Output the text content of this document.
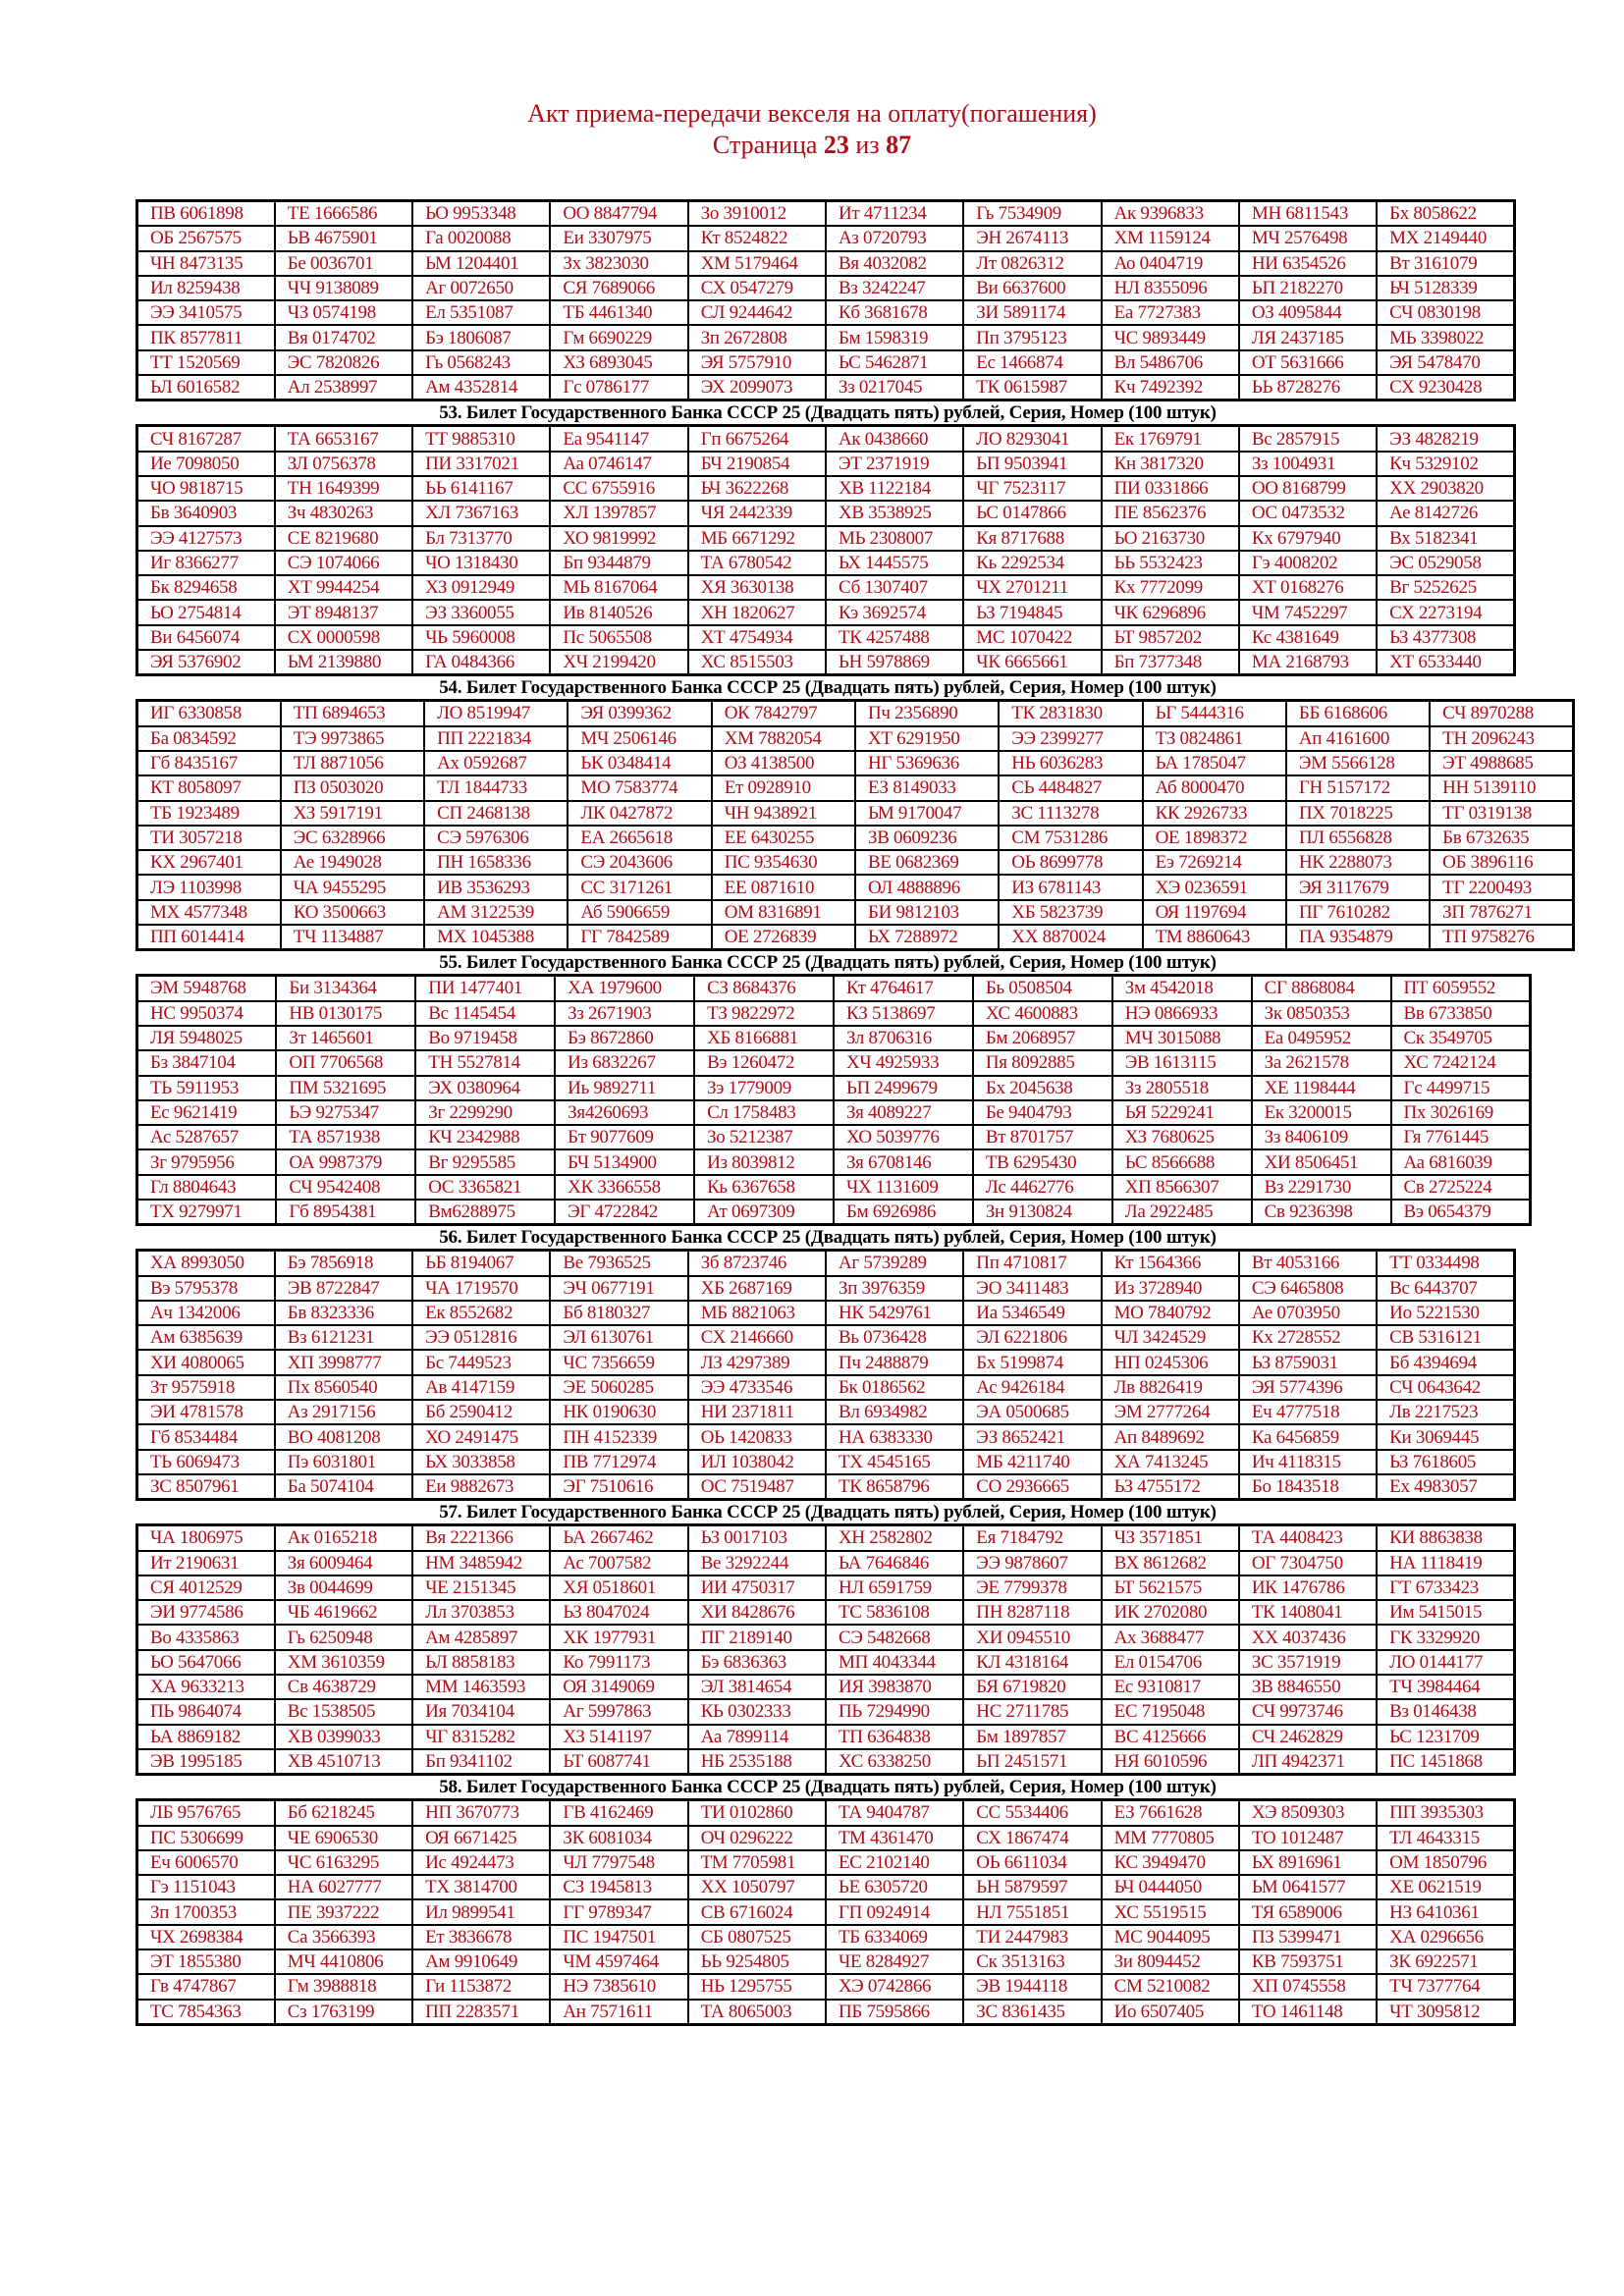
Акт приема-передачи векселя на оплату(погашения)
Страница 23 из 87
ПВ 6061898	ТЕ 1666586	ЬО 9953348	ОО 8847794	Зо 3910012	Ит 4711234	Гь 7534909	Ак 9396833	МН 6811543	Бх 8058622
ОБ 2567575	ЬВ 4675901	Га 0020088	Еи 3307975	Кт 8524822	Аз 0720793	ЭН 2674113	ХМ 1159124	МЧ 2576498	МХ 2149440
ЧН 8473135	Бе 0036701	ЬМ 1204401	Зх 3823030	ХМ 5179464	Вя 4032082	Лт 0826312	Ао 0404719	НИ 6354526	Вт 3161079
Ил 8259438	ЧЧ 9138089	Аг 0072650	СЯ 7689066	СХ 0547279	Вз 3242247	Ви 6637600	НЛ 8355096	ЬП 2182270	ЬЧ 5128339
ЭЭ 3410575	ЧЗ 0574198	Ел 5351087	ТБ 4461340	СЛ 9244642	Кб 3681678	ЗИ 5891174	Еа 7727383	ОЗ 4095844	СЧ 0830198
ПК 8577811	Вя 0174702	Бэ 1806087	Гм 6690229	Зп 2672808	Бм 1598319	Пп 3795123	ЧС 9893449	ЛЯ 2437185	МЬ 3398022
ТТ 1520569	ЭС 7820826	Гь 0568243	ХЗ 6893045	ЭЯ 5757910	ЬС 5462871	Ес 1466874	Вл 5486706	ОТ 5631666	ЭЯ 5478470
ЬЛ 6016582	Ал 2538997	Ам 4352814	Гс 0786177	ЭХ 2099073	Зз 0217045	ТК 0615987	Кч 7492392	ЬЬ 8728276	СХ 9230428
53. Билет Государственного Банка СССР 25 (Двадцать пять) рублей, Серия, Номер (100 штук)
СЧ 8167287	ТА 6653167	ТТ 9885310	Еа 9541147	Гп 6675264	Ак 0438660	ЛО 8293041	Ек 1769791	Вс 2857915	ЭЗ 4828219
Ие 7098050	ЗЛ 0756378	ПИ 3317021	Аа 0746147	БЧ 2190854	ЭТ 2371919	ЬП 9503941	Кн 3817320	Зз 1004931	Кч 5329102
ЧО 9818715	ТН 1649399	ЬЬ 6141167	СС 6755916	ЬЧ 3622268	ХВ 1122184	ЧГ 7523117	ПИ 0331866	ОО 8168799	ХХ 2903820
Бв 3640903	Зч 4830263	ХЛ 7367163	ХЛ 1397857	ЧЯ 2442339	ХВ 3538925	ЬС 0147866	ПЕ 8562376	ОС 0473532	Ае 8142726
ЭЭ 4127573	СЕ 8219680	Бл 7313770	ХО 9819992	МБ 6671292	МЬ 2308007	Кя 8717688	ЬО 2163730	Кх 6797940	Вх 5182341
Иг 8366277	СЭ 1074066	ЧО 1318430	Бп 9344879	ТА 6780542	ЬХ 1445575	Кь 2292534	ЬЬ 5532423	Гэ 4008202	ЭС 0529058
Бк 8294658	ХТ 9944254	ХЗ 0912949	МЬ 8167064	ХЯ 3630138	Сб 1307407	ЧХ 2701211	Кх 7772099	ХТ 0168276	Вг 5252625
ЬО 2754814	ЭТ 8948137	ЭЗ 3360055	Ив 8140526	ХН 1820627	Кэ 3692574	ЬЗ 7194845	ЧК 6296896	ЧМ 7452297	СХ 2273194
Ви 6456074	СХ 0000598	ЧЬ 5960008	Пс 5065508	ХТ 4754934	ТК 4257488	МС 1070422	ЬТ 9857202	Кс 4381649	ЬЗ 4377308
ЭЯ 5376902	ЬМ 2139880	ГА 0484366	ХЧ 2199420	ХС 8515503	ЬН 5978869	ЧК 6665661	Бп 7377348	МА 2168793	ХТ 6533440
54. Билет Государственного Банка СССР 25 (Двадцать пять) рублей, Серия, Номер (100 штук)
ИГ 6330858	ТП 6894653	ЛО 8519947	ЭЯ 0399362	ОК 7842797	Пч 2356890	ТК 2831830	ЬГ 5444316	ББ 6168606	СЧ 8970288
Ба 0834592	ТЭ 9973865	ПП 2221834	МЧ 2506146	ХМ 7882054	ХТ 6291950	ЭЭ 2399277	ТЗ 0824861	Ап 4161600	ТН 2096243
Гб 8435167	ТЛ 8871056	Ах 0592687	ЬК 0348414	ОЗ 4138500	НГ 5369636	НЬ 6036283	ЬА 1785047	ЭМ 5566128	ЭТ 4988685
КТ 8058097	ПЗ 0503020	ТЛ 1844733	МО 7583774	Ет 0928910	ЕЗ 8149033	СЬ 4484827	Аб 8000470	ГН 5157172	НН 5139110
ТБ 1923489	ХЗ 5917191	СП 2468138	ЛК 0427872	ЧН 9438921	ЬМ 9170047	ЗС 1113278	КК 2926733	ПХ 7018225	ТГ 0319138
ТИ 3057218	ЭС 6328966	СЭ 5976306	ЕА 2665618	ЕЕ 6430255	ЗВ 0609236	СМ 7531286	ОЕ 1898372	ПЛ 6556828	Бв 6732635
КХ 2967401	Ае 1949028	ПН 1658336	СЭ 2043606	ПС 9354630	ВЕ 0682369	ОЬ 8699778	Еэ 7269214	НК 2288073	ОБ 3896116
ЛЭ 1103998	ЧА 9455295	ИВ 3536293	СС 3171261	ЕЕ 0871610	ОЛ 4888896	ИЗ 6781143	ХЭ 0236591	ЭЯ 3117679	ТГ 2200493
МХ 4577348	КО 3500663	АМ 3122539	Аб 5906659	ОМ 8316891	БИ 9812103	ХБ 5823739	ОЯ 1197694	ПГ 7610282	ЗП 7876271
ПП 6014414	ТЧ 1134887	МХ 1045388	ГГ 7842589	ОЕ 2726839	ЬХ 7288972	ХХ 8870024	ТМ 8860643	ПА 9354879	ТП 9758276
55. Билет Государственного Банка СССР 25 (Двадцать пять) рублей, Серия, Номер (100 штук)
ЭМ 5948768	Би 3134364	ПИ 1477401	ХА 1979600	СЗ 8684376	Кт 4764617	Бь 0508504	Зм 4542018	СГ 8868084	ПТ 6059552
НС 9950374	НВ 0130175	Вс 1145454	Зз 2671903	ТЗ 9822972	КЗ 5138697	ХС 4600883	НЭ 0866933	Зк 0850353	Вв 6733850
ЛЯ 5948025	Зт 1465601	Во 9719458	Бэ 8672860	ХБ 8166881	Зл 8706316	Бм 2068957	МЧ 3015088	Еа 0495952	Ск 3549705
Бз 3847104	ОП 7706568	ТН 5527814	Из 6832267	Вэ 1260472	ХЧ 4925933	Пя 8092885	ЭВ 1613115	За 2621578	ХС 7242124
ТЬ 5911953	ПМ 5321695	ЭХ 0380964	Иь 9892711	Зэ 1779009	ЬП 2499679	Бх 2045638	Зз 2805518	ХЕ 1198444	Гс 4499715
Ес 9621419	ЬЭ 9275347	Зг 2299290	Зя4260693	Сл 1758483	Зя 4089227	Бе 9404793	ЬЯ 5229241	Ек 3200015	Пх 3026169
Ас 5287657	ТА 8571938	КЧ 2342988	Бт 9077609	Зо 5212387	ХО 5039776	Вт 8701757	ХЗ 7680625	Зз 8406109	Гя 7761445
Зг 9795956	ОА 9987379	Вг 9295585	БЧ 5134900	Из 8039812	Зя 6708146	ТВ 6295430	ЬС 8566688	ХИ 8506451	Аа 6816039
Гл 8804643	СЧ 9542408	ОС 3365821	ХК 3366558	Кь 6367658	ЧХ 1131609	Лс 4462776	ХП 8566307	Вз 2291730	Св 2725224
ТХ 9279971	Гб 8954381	Вм6288975	ЭГ 4722842	Ат 0697309	Бм 6926986	Зн 9130824	Ла 2922485	Св 9236398	Вэ 0654379
56. Билет Государственного Банка СССР 25 (Двадцать пять) рублей, Серия, Номер (100 штук)
ХА 8993050	Бэ 7856918	ЬБ 8194067	Ве 7936525	Зб 8723746	Аг 5739289	Пп 4710817	Кт 1564366	Вт 4053166	ТТ 0334498
Вэ 5795378	ЭВ 8722847	ЧА 1719570	ЭЧ 0677191	ХБ 2687169	Зп 3976359	ЭО 3411483	Из 3728940	СЭ 6465808	Вс 6443707
Ач 1342006	Бв 8323336	Ек 8552682	Бб 8180327	МБ 8821063	НК 5429761	Иа 5346549	МО 7840792	Ае 0703950	Ио 5221530
Ам 6385639	Вз 6121231	ЭЭ 0512816	ЭЛ 6130761	СХ 2146660	Вь 0736428	ЭЛ 6221806	ЧЛ 3424529	Кх 2728552	СВ 5316121
ХИ 4080065	ХП 3998777	Бс 7449523	ЧС 7356659	ЛЗ 4297389	Пч 2488879	Бх 5199874	НП 0245306	ЬЗ 8759031	Бб 4394694
Зт 9575918	Пх 8560540	Ав 4147159	ЭЕ 5060285	ЭЭ 4733546	Бк 0186562	Ас 9426184	Лв 8826419	ЭЯ 5774396	СЧ 0643642
ЭИ 4781578	Аз 2917156	Бб 2590412	НК 0190630	НИ 2371811	Вл 6934982	ЭА 0500685	ЭМ 2777264	Еч 4777518	Лв 2217523
Гб 8534484	ВО 4081208	ХО 2491475	ПН 4152339	ОЬ 1420833	НА 6383330	ЭЗ 8652421	Ап 8489692	Ка 6456859	Ки 3069445
ТЬ 6069473	Пэ 6031801	ЬХ 3033858	ПВ 7712974	ИЛ 1038042	ТХ 4545165	МБ 4211740	ХА 7413245	Ич 4118315	ЬЗ 7618605
ЗС 8507961	Ба 5074104	Еи 9882673	ЭГ 7510616	ОС 7519487	ТК 8658796	СО 2936665	ЬЗ 4755172	Бо 1843518	Ех 4983057
57. Билет Государственного Банка СССР 25 (Двадцать пять) рублей, Серия, Номер (100 штук)
ЧА 1806975	Ак 0165218	Вя 2221366	ЬА 2667462	ЬЗ 0017103	ХН 2582802	Ея 7184792	ЧЗ 3571851	ТА 4408423	КИ 8863838
Ит 2190631	Зя 6009464	НМ 3485942	Ас 7007582	Ве 3292244	ЬА 7646846	ЭЭ 9878607	ВХ 8612682	ОГ 7304750	НА 1118419
СЯ 4012529	Зв 0044699	ЧЕ 2151345	ХЯ 0518601	ИИ 4750317	НЛ 6591759	ЭЕ 7799378	ЬТ 5621575	ИК 1476786	ГТ 6733423
ЭИ 9774586	ЧБ 4619662	Лл 3703853	ЬЗ 8047024	ХИ 8428676	ТС 5836108	ПН 8287118	ИК 2702080	ТК 1408041	Им 5415015
Во 4335863	Гь 6250948	Ам 4285897	ХК 1977931	ПГ 2189140	СЭ 5482668	ХИ 0945510	Ах 3688477	ХХ 4037436	ГК 3329920
ЬО 5647066	ХМ 3610359	ЬЛ 8858183	Ко 7991173	Бэ 6836363	МП 4043344	КЛ 4318164	Ел 0154706	ЗС 3571919	ЛО 0144177
ХА 9633213	Св 4638729	ММ 1463593	ОЯ 3149069	ЭЛ 3814654	ИЯ 3983870	БЯ 6719820	Ес 9310817	ЗВ 8846550	ТЧ 3984464
ПЬ 9864074	Вс 1538505	Ия 7034104	Аг 5997863	КЬ 0302333	ПЬ 7294990	НС 2711785	ЕС 7195048	СЧ 9973746	Вз 0146438
ЬА 8869182	ХВ 0399033	ЧГ 8315282	ХЗ 5141197	Аа 7899114	ТП 6364838	Бм 1897857	ВС 4125666	СЧ 2462829	ЬС 1231709
ЭВ 1995185	ХВ 4510713	Бп 9341102	ЬТ 6087741	НБ 2535188	ХС 6338250	ЬП 2451571	НЯ 6010596	ЛП 4942371	ПС 1451868
58. Билет Государственного Банка СССР 25 (Двадцать пять) рублей, Серия, Номер (100 штук)
ЛБ 9576765	Бб 6218245	НП 3670773	ГВ 4162469	ТИ 0102860	ТА 9404787	СС 5534406	ЕЗ 7661628	ХЭ 8509303	ПП 3935303
ПС 5306699	ЧЕ 6906530	ОЯ 6671425	ЗК 6081034	ОЧ 0296222	ТМ 4361470	СХ 1867474	ММ 7770805	ТО 1012487	ТЛ 4643315
Еч 6006570	ЧС 6163295	Ис 4924473	ЧЛ 7797548	ТМ 7705981	ЕС 2102140	ОЬ 6611034	КС 3949470	ЬХ 8916961	ОМ 1850796
Гэ 1151043	НА 6027777	ТХ 3814700	СЗ 1945813	ХХ 1050797	ЬЕ 6305720	ЬН 5879597	ЬЧ 0444050	ЬМ 0641577	ХЕ 0621519
Зп 1700353	ПЕ 3937222	Ил 9899541	ГГ 9789347	СВ 6716024	ГП 0924914	НЛ 7551851	ХС 5519515	ТЯ 6589006	НЗ 6410361
ЧХ 2698384	Са 3566393	Ет 3836678	ПС 1947501	СБ 0807525	ТБ 6334069	ТИ 2447983	МС 9044095	ПЗ 5399471	ХА 0296656
ЭТ 1855380	МЧ 4410806	Ам 9910649	ЧМ 4597464	ЬЬ 9254805	ЧЕ 8284927	Ск 3513163	Зи 8094452	КВ 7593751	ЗК 6922571
Гв 4747867	Гм 3988818	Ги 1153872	НЭ 7385610	НЬ 1295755	ХЭ 0742866	ЭВ 1944118	СМ 5210082	ХП 0745558	ТЧ 7377764
ТС 7854363	Сз 1763199	ПП 2283571	Ан 7571611	ТА 8065003	ПБ 7595866	ЗС 8361435	Ио 6507405	ТО 1461148	ЧТ 3095812
